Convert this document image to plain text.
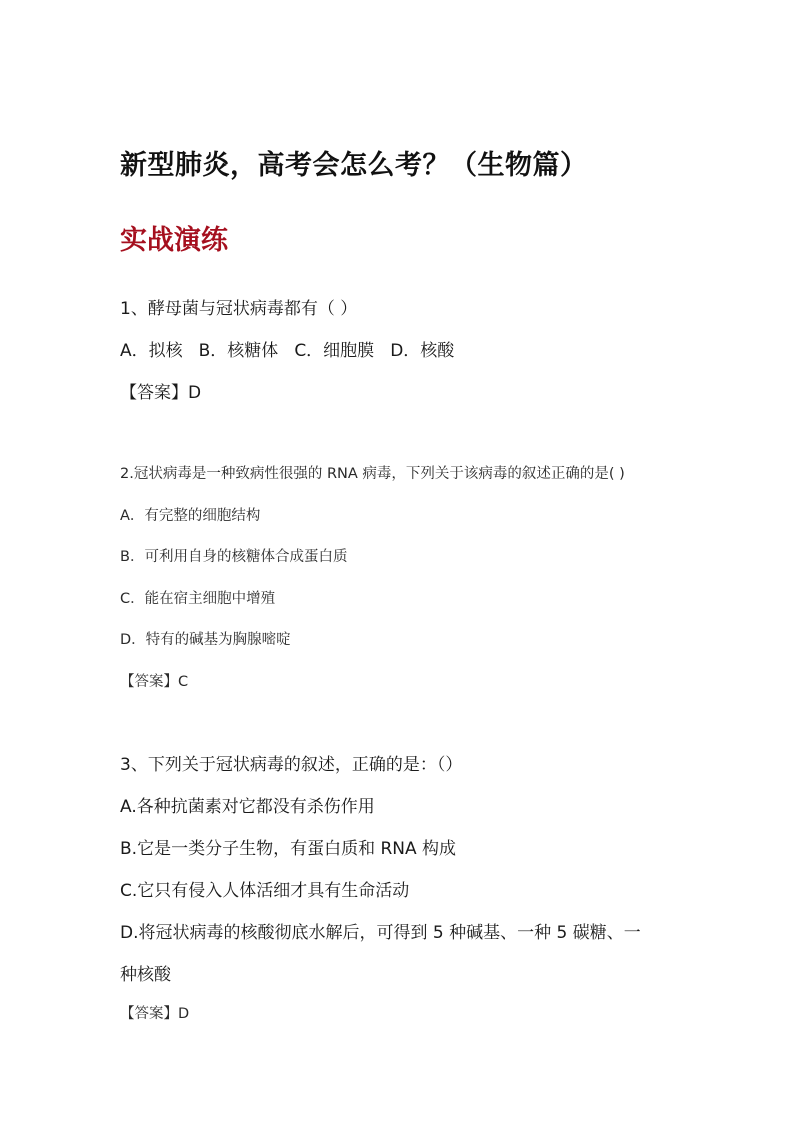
新型肺炎，高考会怎么考？（生物篇）
实战演练
1、酵母菌与冠状病毒都有（ ）
A．拟核 B．核糖体 C．细胞膜 D．核酸
【答案】D
2.冠状病毒是一种致病性很强的 RNA 病毒，下列关于该病毒的叙述正确的是( )
A．有完整的细胞结构
B．可利用自身的核糖体合成蛋白质
C．能在宿主细胞中增殖
D．特有的碱基为胸腺嘧啶
【答案】C
3、下列关于冠状病毒的叙述，正确的是：（）
A.各种抗菌素对它都没有杀伤作用
B.它是一类分子生物，有蛋白质和 RNA 构成
C.它只有侵入人体活细才具有生命活动
D.将冠状病毒的核酸彻底水解后，可得到 5 种碱基、一种 5 碳糖、一
种核酸
【答案】D
